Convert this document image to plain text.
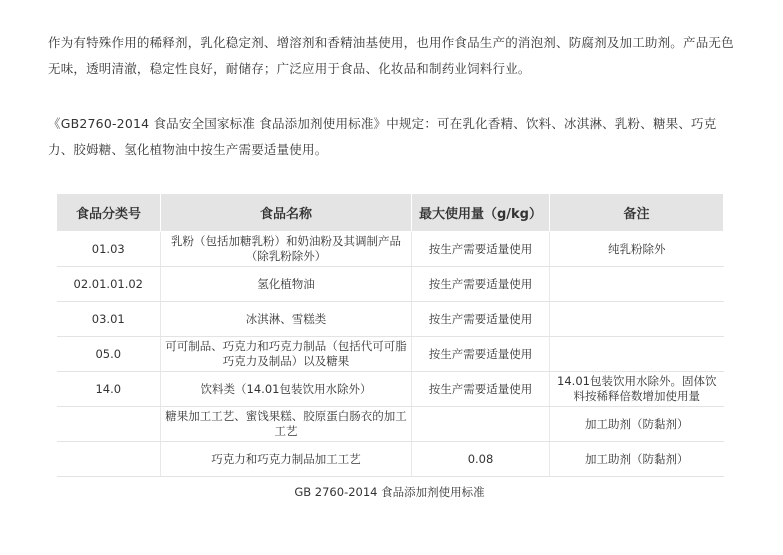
作为有特殊作用的稀释剂，乳化稳定剂、增溶剂和香精油基使用，也用作食品生产的消泡剂、防腐剂及加工助剂。产品无色无味，透明清澈，稳定性良好，耐储存；广泛应用于食品、化妆品和制药业饲料行业。

《GB2760-2014 食品安全国家标准 食品添加剂使用标准》中规定：可在乳化香精、饮料、冰淇淋、乳粉、糖果、巧克力、胶姆糖、氢化植物油中按生产需要适量使用。

食品分类号	食品名称	最大使用量（g/kg）	备注
01.03	乳粉（包括加糖乳粉）和奶油粉及其调制产品（除乳粉除外）	按生产需要适量使用	纯乳粉除外
02.01.01.02	氢化植物油	按生产需要适量使用	
03.01	冰淇淋、雪糕类	按生产需要适量使用	
05.0	可可制品、巧克力和巧克力制品（包括代可可脂巧克力及制品）以及糖果	按生产需要适量使用	
14.0	饮料类（14.01包装饮用水除外）	按生产需要适量使用	14.01包装饮用水除外。固体饮料按稀释倍数增加使用量
	糖果加工工艺、蜜饯果糕、胶原蛋白肠衣的加工工艺		加工助剂（防黏剂）
	巧克力和巧克力制品加工工艺	0.08	加工助剂（防黏剂）
GB 2760-2014 食品添加剂使用标准
